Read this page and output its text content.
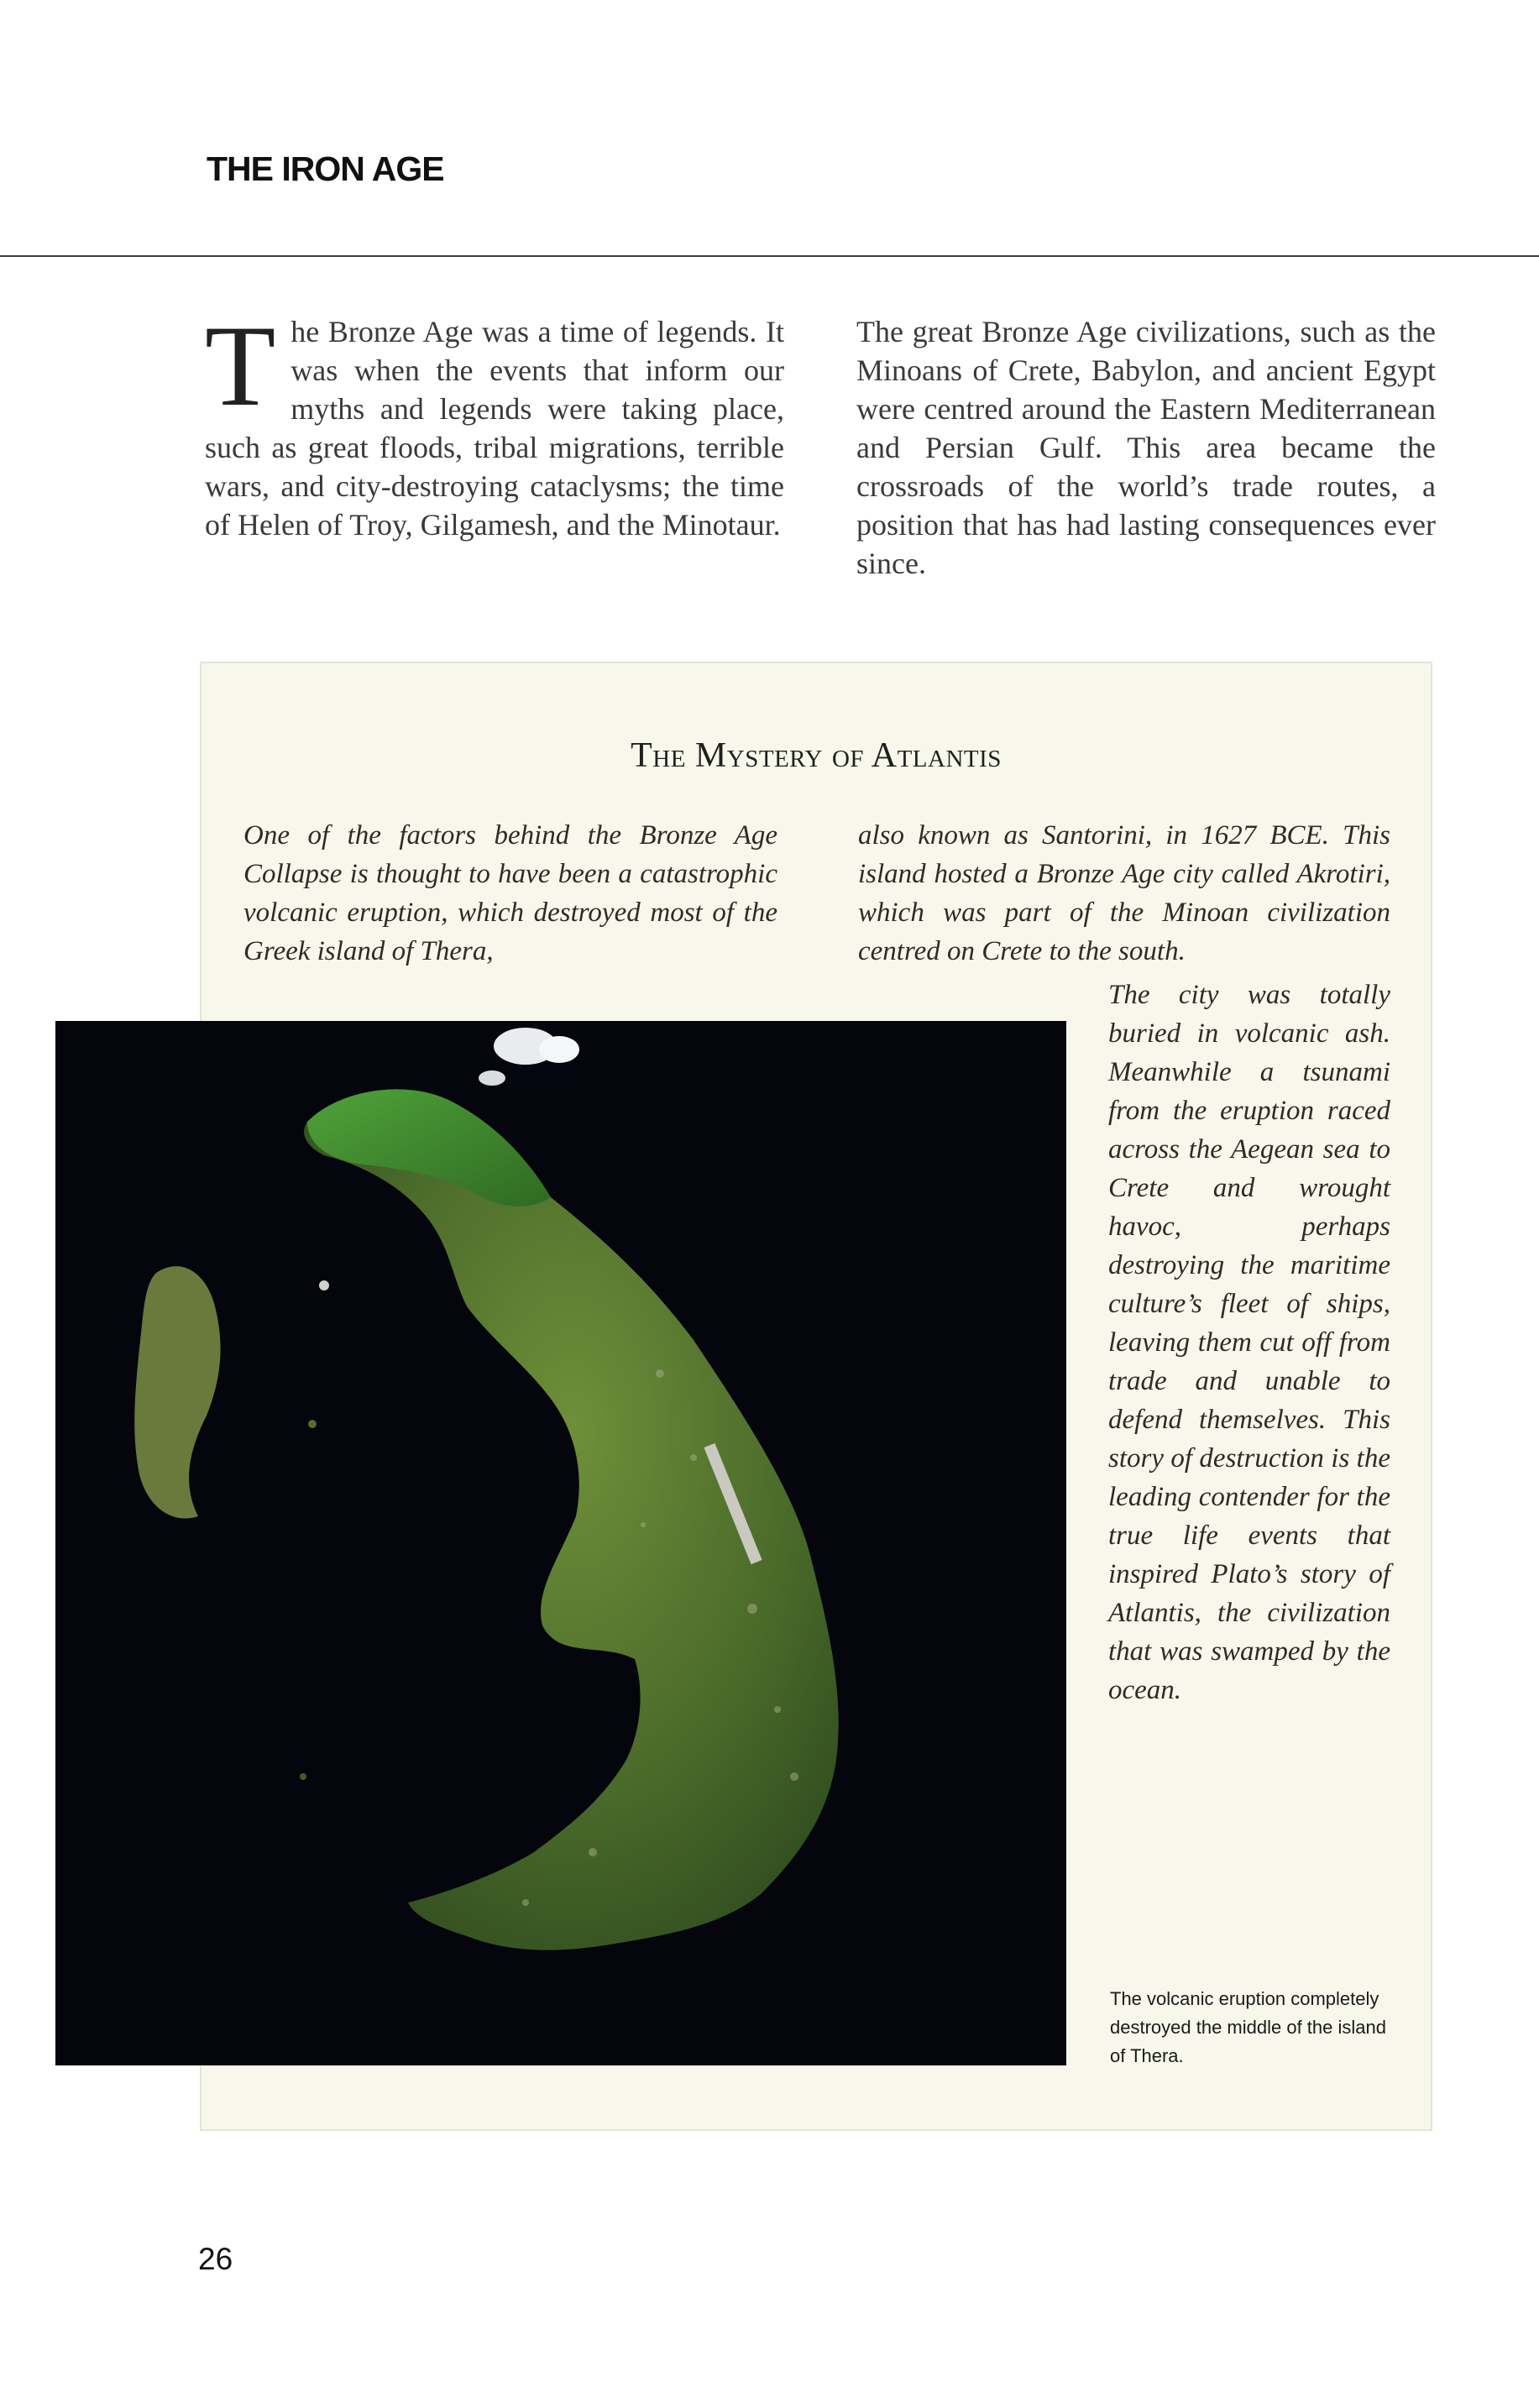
THE IRON AGE
The Bronze Age was a time of legends. It was when the events that inform our myths and legends were taking place, such as great floods, tribal migrations, terrible wars, and city-destroying cataclysms; the time of Helen of Troy, Gilgamesh, and the Minotaur.
The great Bronze Age civilizations, such as the Minoans of Crete, Babylon, and ancient Egypt were centred around the Eastern Mediterranean and Persian Gulf. This area became the crossroads of the world’s trade routes, a position that has had lasting consequences ever since.
The Mystery of Atlantis
One of the factors behind the Bronze Age Collapse is thought to have been a catastrophic volcanic eruption, which destroyed most of the Greek island of Thera,
also known as Santorini, in 1627 BCE. This island hosted a Bronze Age city called Akrotiri, which was part of the Minoan civilization centred on Crete to the south.
The city was totally buried in volcanic ash. Meanwhile a tsunami from the eruption raced across the Aegean sea to Crete and wrought havoc, perhaps destroying the maritime culture’s fleet of ships, leaving them cut off from trade and unable to defend themselves. This story of destruction is the leading contender for the true life events that inspired Plato’s story of Atlantis, the civilization that was swamped by the ocean.
The volcanic eruption completely destroyed the middle of the island of Thera.
26
